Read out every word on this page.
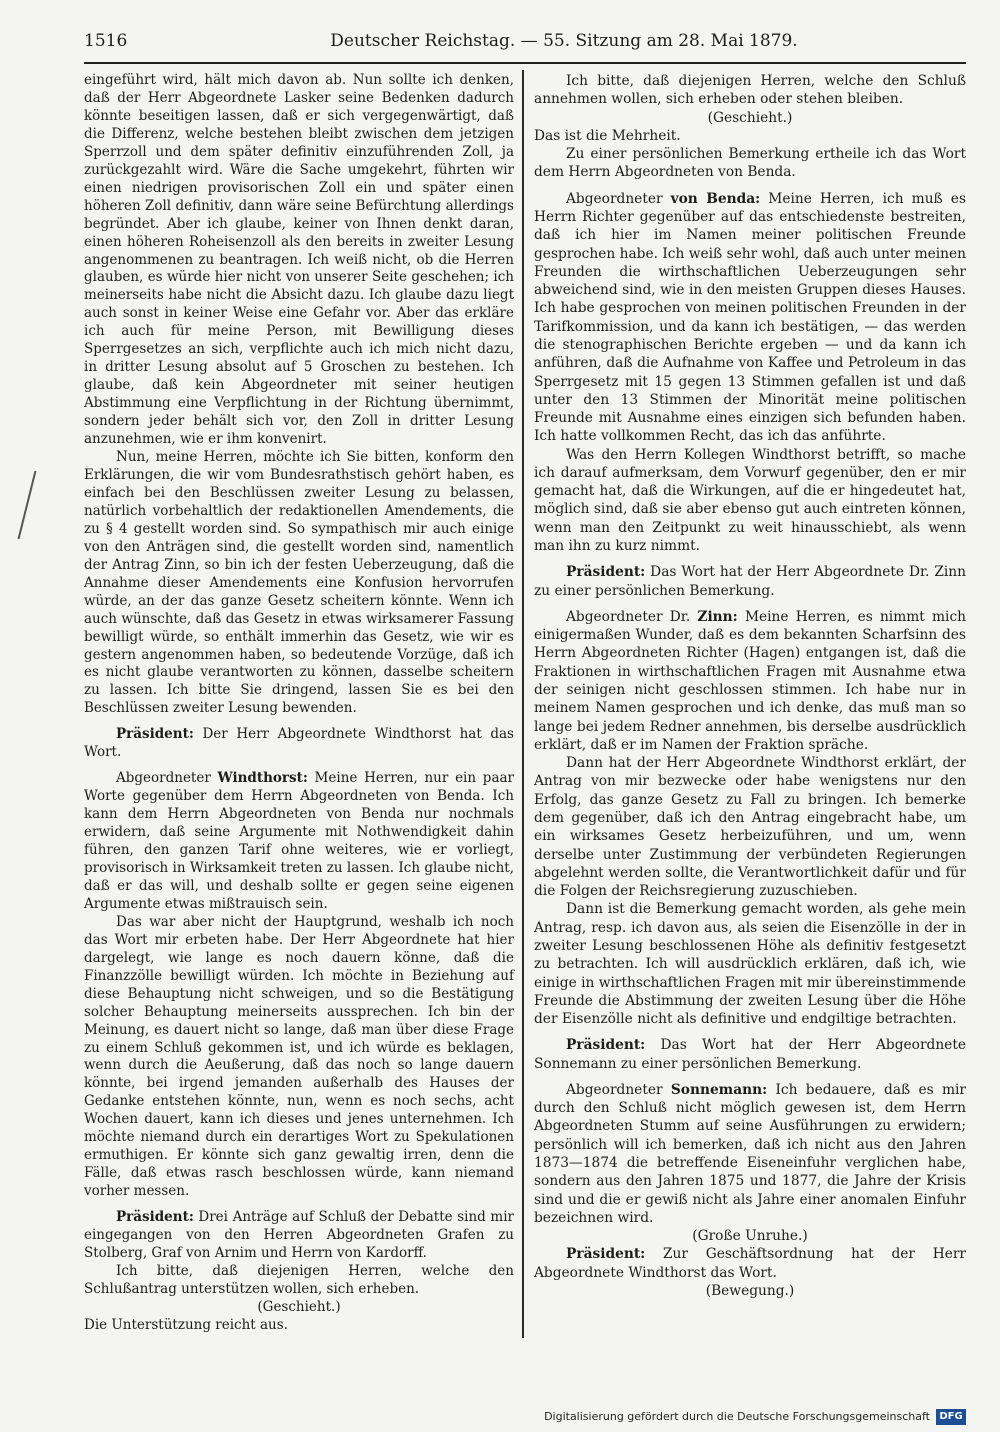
1516	Deutscher Reichstag. — 55. Sitzung am 28. Mai 1879.

eingeführt wird, hält mich davon ab. Nun sollte ich denken, daß der Herr Abgeordnete Lasker seine Bedenken dadurch könnte beseitigen lassen, daß er sich vergegenwärtigt, daß die Differenz, welche bestehen bleibt zwischen dem jetzigen Sperrzoll und dem später definitiv einzuführenden Zoll, ja zurückgezahlt wird. Wäre die Sache umgekehrt, führten wir einen niedrigen provisorischen Zoll ein und später einen höheren Zoll definitiv, dann wäre seine Befürchtung allerdings begründet. Aber ich glaube, keiner von Ihnen denkt daran, einen höheren Roheisenzoll als den bereits in zweiter Lesung angenommenen zu beantragen. Ich weiß nicht, ob die Herren glauben, es würde hier nicht von unserer Seite geschehen; ich meinerseits habe nicht die Absicht dazu. Ich glaube dazu liegt auch sonst in keiner Weise eine Gefahr vor. Aber das erkläre ich auch für meine Person, mit Bewilligung dieses Sperrgesetzes an sich, verpflichte auch ich mich nicht dazu, in dritter Lesung absolut auf 5 Groschen zu bestehen. Ich glaube, daß kein Abgeordneter mit seiner heutigen Abstimmung eine Verpflichtung in der Richtung übernimmt, sondern jeder behält sich vor, den Zoll in dritter Lesung anzunehmen, wie er ihm konvenirt.

Nun, meine Herren, möchte ich Sie bitten, konform den Erklärungen, die wir vom Bundesrathstisch gehört haben, es einfach bei den Beschlüssen zweiter Lesung zu belassen, natürlich vorbehaltlich der redaktionellen Amendements, die zu § 4 gestellt worden sind. So sympathisch mir auch einige von den Anträgen sind, die gestellt worden sind, namentlich der Antrag Zinn, so bin ich der festen Ueberzeugung, daß die Annahme dieser Amendements eine Konfusion hervorrufen würde, an der das ganze Gesetz scheitern könnte. Wenn ich auch wünschte, daß das Gesetz in etwas wirksamerer Fassung bewilligt würde, so enthält immerhin das Gesetz, wie wir es gestern angenommen haben, so bedeutende Vorzüge, daß ich es nicht glaube verantworten zu können, dasselbe scheitern zu lassen. Ich bitte Sie dringend, lassen Sie es bei den Beschlüssen zweiter Lesung bewenden.

Präsident: Der Herr Abgeordnete Windthorst hat das Wort.

Abgeordneter Windthorst: Meine Herren, nur ein paar Worte gegenüber dem Herrn Abgeordneten von Benda. Ich kann dem Herrn Abgeordneten von Benda nur nochmals erwidern, daß seine Argumente mit Nothwendigkeit dahin führen, den ganzen Tarif ohne weiteres, wie er vorliegt, provisorisch in Wirksamkeit treten zu lassen. Ich glaube nicht, daß er das will, und deshalb sollte er gegen seine eigenen Argumente etwas mißtrauisch sein.

Das war aber nicht der Hauptgrund, weshalb ich noch das Wort mir erbeten habe. Der Herr Abgeordnete hat hier dargelegt, wie lange es noch dauern könne, daß die Finanzzölle bewilligt würden. Ich möchte in Beziehung auf diese Behauptung nicht schweigen, und so die Bestätigung solcher Behauptung meinerseits aussprechen. Ich bin der Meinung, es dauert nicht so lange, daß man über diese Frage zu einem Schluß gekommen ist, und ich würde es beklagen, wenn durch die Aeußerung, daß das noch so lange dauern könnte, bei irgend jemanden außerhalb des Hauses der Gedanke entstehen könnte, nun, wenn es noch sechs, acht Wochen dauert, kann ich dieses und jenes unternehmen. Ich möchte niemand durch ein derartiges Wort zu Spekulationen ermuthigen. Er könnte sich ganz gewaltig irren, denn die Fälle, daß etwas rasch beschlossen würde, kann niemand vorher messen.

Präsident: Drei Anträge auf Schluß der Debatte sind mir eingegangen von den Herren Abgeordneten Grafen zu Stolberg, Graf von Arnim und Herrn von Kardorff.

Ich bitte, daß diejenigen Herren, welche den Schlußantrag unterstützen wollen, sich erheben.

(Geschieht.)

Die Unterstützung reicht aus.

Ich bitte, daß diejenigen Herren, welche den Schluß annehmen wollen, sich erheben oder stehen bleiben.

(Geschieht.)

Das ist die Mehrheit.

Zu einer persönlichen Bemerkung ertheile ich das Wort dem Herrn Abgeordneten von Benda.

Abgeordneter von Benda: Meine Herren, ich muß es Herrn Richter gegenüber auf das entschiedenste bestreiten, daß ich hier im Namen meiner politischen Freunde gesprochen habe. Ich weiß sehr wohl, daß auch unter meinen Freunden die wirthschaftlichen Ueberzeugungen sehr abweichend sind, wie in den meisten Gruppen dieses Hauses. Ich habe gesprochen von meinen politischen Freunden in der Tarifkommission, und da kann ich bestätigen, — das werden die stenographischen Berichte ergeben — und da kann ich anführen, daß die Aufnahme von Kaffee und Petroleum in das Sperrgesetz mit 15 gegen 13 Stimmen gefallen ist und daß unter den 13 Stimmen der Minorität meine politischen Freunde mit Ausnahme eines einzigen sich befunden haben. Ich hatte vollkommen Recht, das ich das anführte.

Was den Herrn Kollegen Windthorst betrifft, so mache ich darauf aufmerksam, dem Vorwurf gegenüber, den er mir gemacht hat, daß die Wirkungen, auf die er hingedeutet hat, möglich sind, daß sie aber ebenso gut auch eintreten können, wenn man den Zeitpunkt zu weit hinausschiebt, als wenn man ihn zu kurz nimmt.

Präsident: Das Wort hat der Herr Abgeordnete Dr. Zinn zu einer persönlichen Bemerkung.

Abgeordneter Dr. Zinn: Meine Herren, es nimmt mich einigermaßen Wunder, daß es dem bekannten Scharfsinn des Herrn Abgeordneten Richter (Hagen) entgangen ist, daß die Fraktionen in wirthschaftlichen Fragen mit Ausnahme etwa der seinigen nicht geschlossen stimmen. Ich habe nur in meinem Namen gesprochen und ich denke, das muß man so lange bei jedem Redner annehmen, bis derselbe ausdrücklich erklärt, daß er im Namen der Fraktion spräche.

Dann hat der Herr Abgeordnete Windthorst erklärt, der Antrag von mir bezwecke oder habe wenigstens nur den Erfolg, das ganze Gesetz zu Fall zu bringen. Ich bemerke dem gegenüber, daß ich den Antrag eingebracht habe, um ein wirksames Gesetz herbeizuführen, und um, wenn derselbe unter Zustimmung der verbündeten Regierungen abgelehnt werden sollte, die Verantwortlichkeit dafür und für die Folgen der Reichsregierung zuzuschieben.

Dann ist die Bemerkung gemacht worden, als gehe mein Antrag, resp. ich davon aus, als seien die Eisenzölle in der in zweiter Lesung beschlossenen Höhe als definitiv festgesetzt zu betrachten. Ich will ausdrücklich erklären, daß ich, wie einige in wirthschaftlichen Fragen mit mir übereinstimmende Freunde die Abstimmung der zweiten Lesung über die Höhe der Eisenzölle nicht als definitive und endgiltige betrachten.

Präsident: Das Wort hat der Herr Abgeordnete Sonnemann zu einer persönlichen Bemerkung.

Abgeordneter Sonnemann: Ich bedauere, daß es mir durch den Schluß nicht möglich gewesen ist, dem Herrn Abgeordneten Stumm auf seine Ausführungen zu erwidern; persönlich will ich bemerken, daß ich nicht aus den Jahren 1873—1874 die betreffende Eiseneinfuhr verglichen habe, sondern aus den Jahren 1875 und 1877, die Jahre der Krisis sind und die er gewiß nicht als Jahre einer anomalen Einfuhr bezeichnen wird.

(Große Unruhe.)

Präsident: Zur Geschäftsordnung hat der Herr Abgeordnete Windthorst das Wort.

(Bewegung.)

Digitalisierung gefördert durch die Deutsche Forschungsgemeinschaft DFG
